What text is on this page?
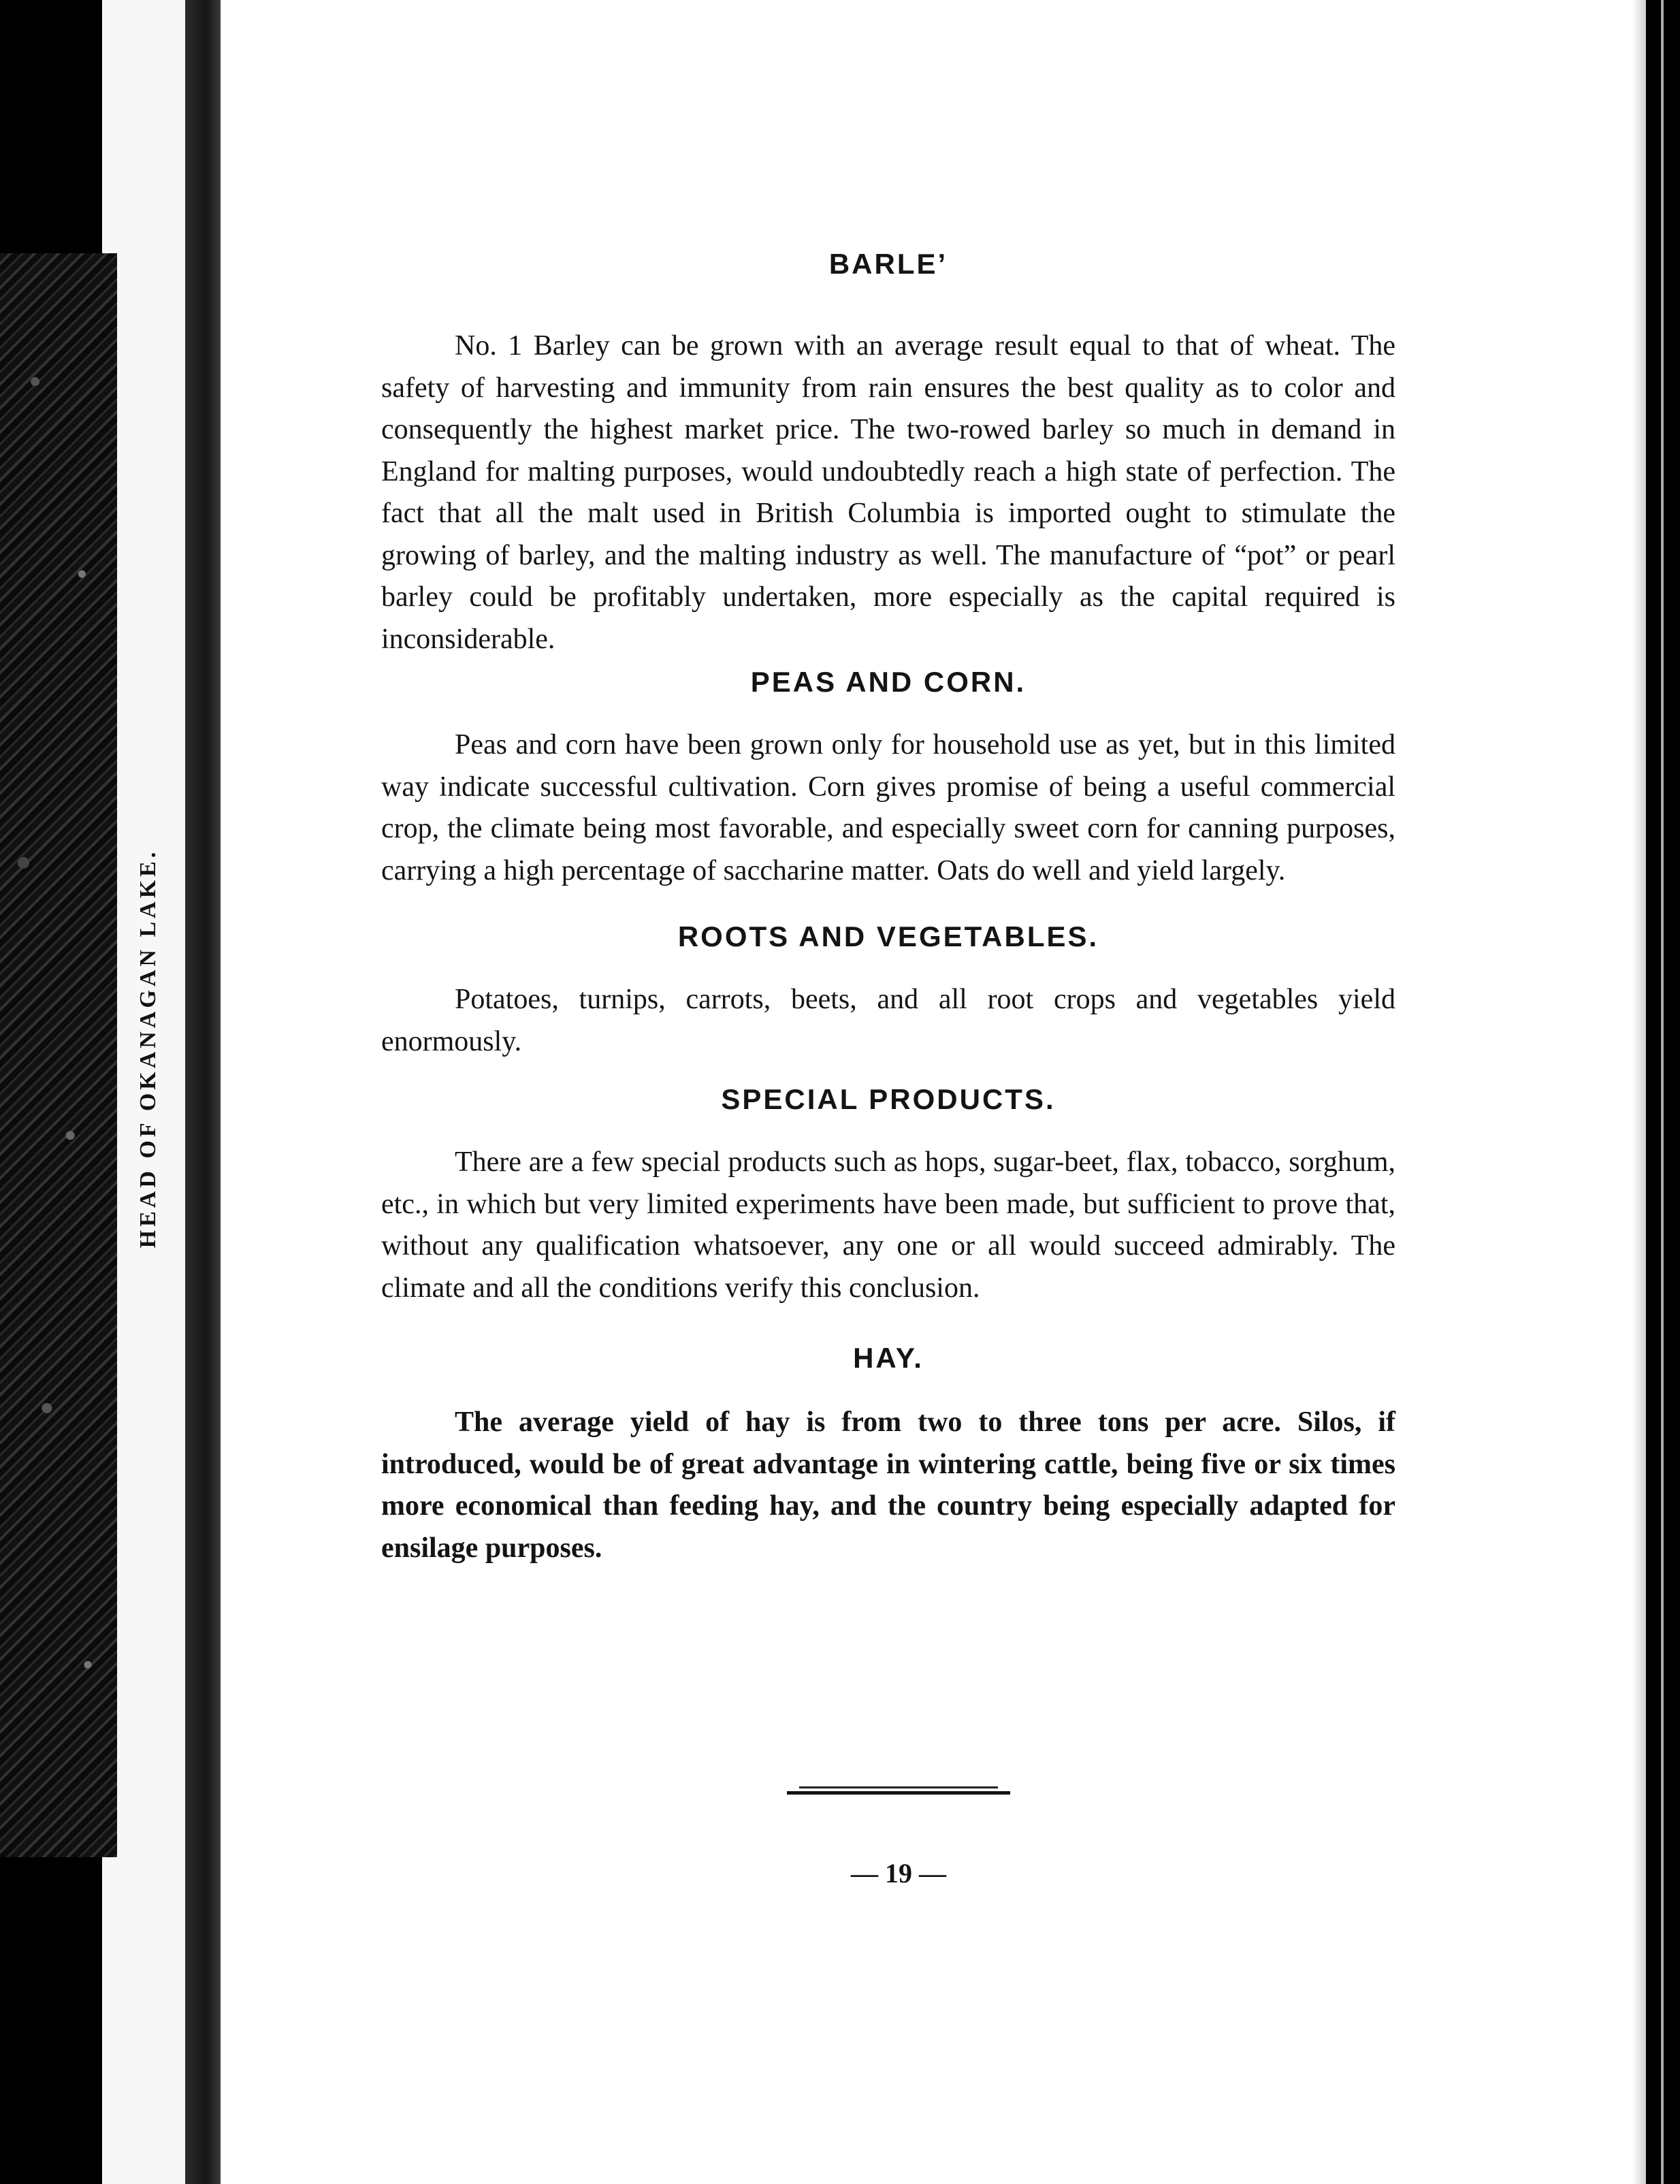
HEAD OF OKANAGAN LAKE.
BARLE’

No. 1 Barley can be grown with an average result equal to that of wheat. The safety of harvesting and immunity from rain ensures the best quality as to color and consequently the highest market price. The two-rowed barley so much in demand in England for malting purposes, would undoubtedly reach a high state of perfection. The fact that all the malt used in British Columbia is imported ought to stimulate the growing of barley, and the malting industry as well. The manufacture of “pot” or pearl barley could be profitably undertaken, more especially as the capital required is inconsiderable.

PEAS AND CORN.

Peas and corn have been grown only for household use as yet, but in this limited way indicate successful cultivation. Corn gives promise of being a useful commercial crop, the climate being most favorable, and especially sweet corn for canning purposes, carrying a high percentage of saccharine matter. Oats do well and yield largely.

ROOTS AND VEGETABLES.

Potatoes, turnips, carrots, beets, and all root crops and vegetables yield enormously.

SPECIAL PRODUCTS.

There are a few special products such as hops, sugar-beet, flax, tobacco, sorghum, etc., in which but very limited experiments have been made, but sufficient to prove that, without any qualification whatsoever, any one or all would succeed admirably. The climate and all the conditions verify this conclusion.

HAY.

The average yield of hay is from two to three tons per acre. Silos, if introduced, would be of great advantage in wintering cattle, being five or six times more economical than feeding hay, and the country being especially adapted for ensilage purposes.

— 19 —
